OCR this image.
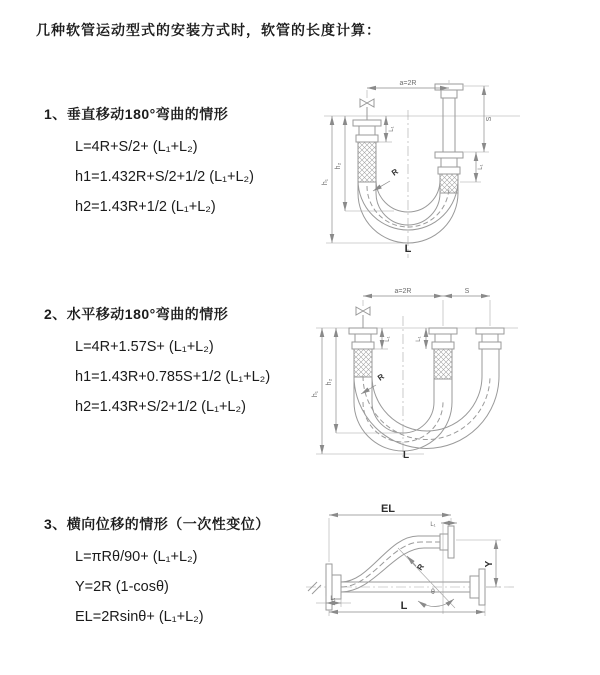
几种软管运动型式的安装方式时，软管的长度计算：
1、垂直移动180°弯曲的情形
L=4R+S/2+ (L₁+L₂)
h1=1.432R+S/2+1/2 (L₁+L₂)
h2=1.43R+1/2 (L₁+L₂)
2、水平移动180°弯曲的情形
L=4R+1.57S+ (L₁+L₂)
h1=1.43R+0.785S+1/2 (L₁+L₂)
h2=1.43R+S/2+1/2 (L₁+L₂)
3、横向位移的情形（一次性变位）
L=πRθ/90+ (L₁+L₂)
Y=2R (1-cosθ)
EL=2Rsinθ+ (L₁+L₂)
a=2R
h₁
h₂
L₁
S
L₁
R
L
a=2R	S
h₁
h₂
L₁	L₁
R
L
EL
L₁
Y
L
L₁
θ
R
